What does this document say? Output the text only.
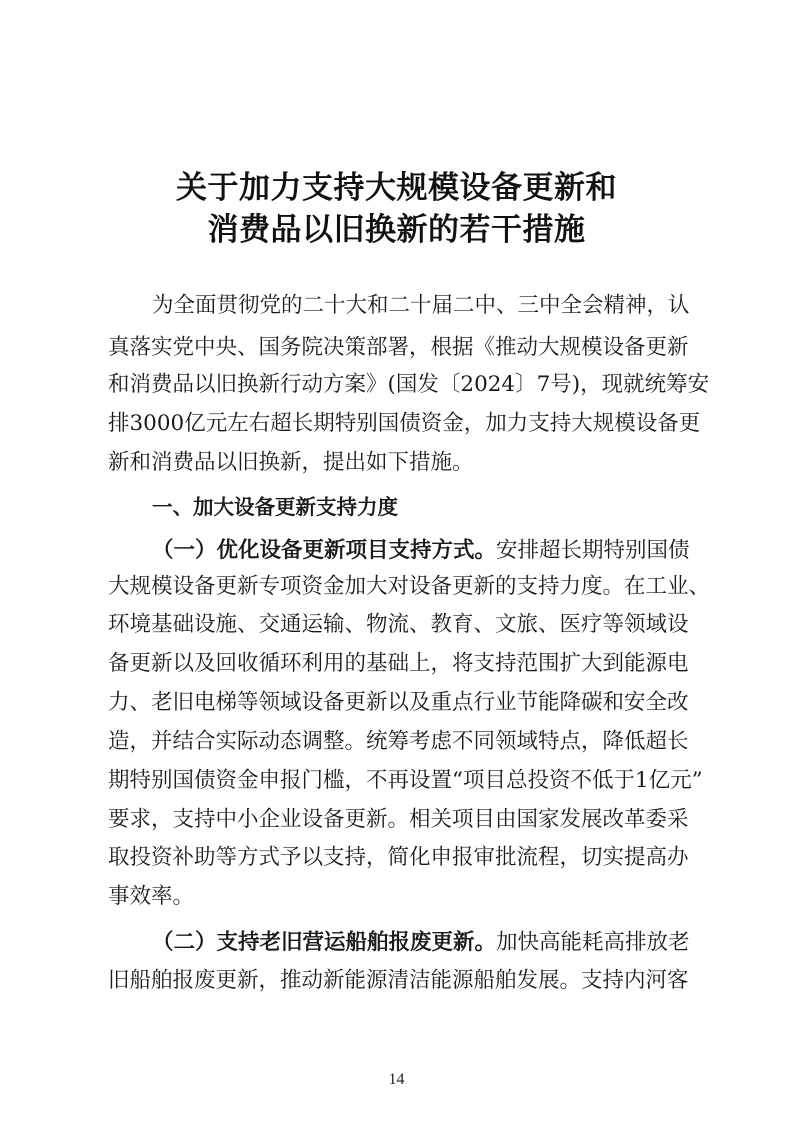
关于加力支持大规模设备更新和
消费品以旧换新的若干措施
为全面贯彻党的二十大和二十届二中、三中全会精神，认
真落实党中央、国务院决策部署，根据《推动大规模设备更新
和消费品以旧换新行动方案》(国发〔2024〕7号)，现就统筹安
排3000亿元左右超长期特别国债资金，加力支持大规模设备更
新和消费品以旧换新，提出如下措施。
一、加大设备更新支持力度
（一）优化设备更新项目支持方式。安排超长期特别国债
大规模设备更新专项资金加大对设备更新的支持力度。在工业、
环境基础设施、交通运输、物流、教育、文旅、医疗等领域设
备更新以及回收循环利用的基础上，将支持范围扩大到能源电
力、老旧电梯等领域设备更新以及重点行业节能降碳和安全改
造，并结合实际动态调整。统筹考虑不同领域特点，降低超长
期特别国债资金申报门槛，不再设置“项目总投资不低于1亿元”
要求，支持中小企业设备更新。相关项目由国家发展改革委采
取投资补助等方式予以支持，简化申报审批流程，切实提高办
事效率。
（二）支持老旧营运船舶报废更新。加快高能耗高排放老
旧船舶报废更新，推动新能源清洁能源船舶发展。支持内河客
14
